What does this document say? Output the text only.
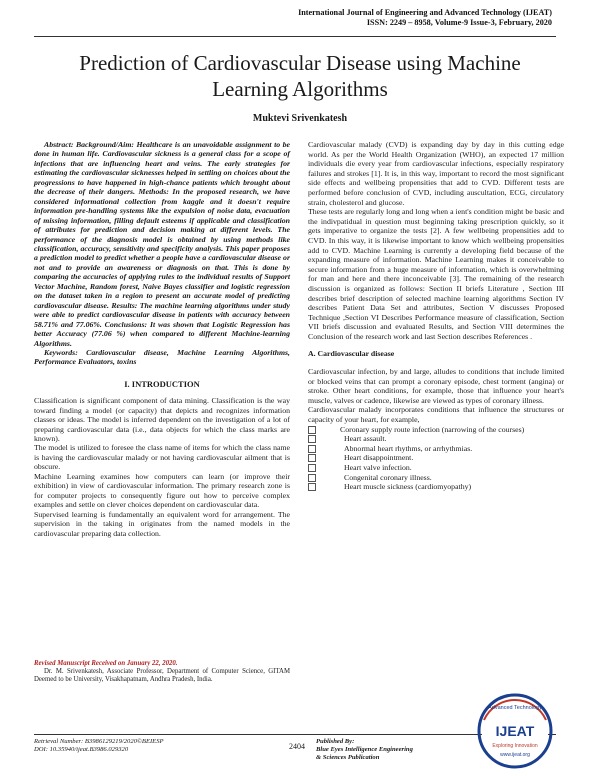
International Journal of Engineering and Advanced Technology (IJEAT)
ISSN: 2249 – 8958, Volume-9 Issue-3, February, 2020
Prediction of Cardiovascular Disease using Machine
Learning Algorithms
Muktevi Srivenkatesh

Abstract: Background/Aim: Healthcare is an unavoidable assignment to be done in human life. Cardiovascular sickness is a general class for a scope of infections that are influencing heart and veins. The early strategies for estimating the cardiovascular sicknesses helped in settling on choices about the progressions to have happened in high-chance patients which brought about the decrease of their dangers. Methods: In the proposed research, we have considered informational collection from kaggle and it doesn't require information pre-handling systems like the expulsion of noise data, evacuation of missing information, filling default esteems if applicable and classification of attributes for prediction and decision making at different levels. The performance of the diagnosis model is obtained by using methods like classification, accuracy, sensitivity and specificity analysis. This paper proposes a prediction model to predict whether a people have a cardiovascular disease or not and to provide an awareness or diagnosis on that. This is done by comparing the accuracies of applying rules to the individual results of Support Vector Machine, Random forest, Naive Bayes classifier and logistic regression on the dataset taken in a region to present an accurate model of predicting cardiovascular disease. Results: The machine learning algorithms under study were able to predict cardiovascular disease in patients with accuracy between 58.71% and 77.06%. Conclusions: It was shown that Logistic Regression has better Accuracy (77.06 %) when compared to different Machine-learning Algorithms.

Keywords: Cardiovascular disease, Machine Learning Algorithms, Performance Evaluators, toxins

I. INTRODUCTION

Classification is significant component of data mining. Classification is the way toward finding a model (or capacity) that depicts and recognizes information classes or ideas. The model is inferred dependent on the investigation of a lot of preparing cardiovascular data (i.e., data objects for which the class marks are known).

The model is utilized to foresee the class name of items for which the class name is having the cardiovascular malady or not having cardiovascular ailment that is obscure.

Machine Learning examines how computers can learn (or improve their exhibition) in view of cardiovascular information. The primary research zone is for computer projects to consequently figure out how to perceive complex examples and settle on clever choices dependent on cardiovascular data.

Supervised learning is fundamentally an equivalent word for arrangement. The supervision in the taking in originates from the named models in the cardiovascular preparing data collection.

Revised Manuscript Received on January 22, 2020.
Dr. M. Srivenkatesh, Associate Professor, Department of Computer Science, GITAM Deemed to be University, Visakhapatnam, Andhra Pradesh, India.

Cardiovascular malady (CVD) is expanding day by day in this cutting edge world. As per the World Health Organization (WHO), an expected 17 million individuals die every year from cardiovascular infections, especially respiratory failures and strokes [1]. It is, in this way, important to record the most significant side effects and wellbeing propensities that add to CVD. Different tests are performed before conclusion of CVD, including auscultation, ECG, circulatory strain, cholesterol and glucose.

These tests are regularly long and long when a ient's condition might be basic and the indivpatidual in question must beginning taking prescription quickly, so it gets imperative to organize the tests [2]. A few wellbeing propensities add to CVD. In this way, it is likewise important to know which wellbeing propensities add to CVD. Machine Learning is currently a developing field because of the expanding measure of information. Machine Learning makes it conceivable to secure information from a huge measure of information, which is overwhelming for man and here and there inconceivable [3]. The remaining of the research discussion is organized as follows: Section II briefs Literature , Section III describes brief description of selected machine learning algorithms Section IV describes Patient Data Set and attributes, Section V discusses Proposed Technique ,Section VI Describes Performance measure of classification, Section VII briefs discussion and evaluated Results, and Section VIII determines the Conclusion of the research work and last Section describes References .

A. Cardiovascular disease

Cardiovascular infection, by and large, alludes to conditions that include limited or blocked veins that can prompt a coronary episode, chest torment (angina) or stroke. Other heart conditions, for example, those that influence your heart's muscle, valves or cadence, likewise are viewed as types of coronary illness.

Cardiovascular malady incorporates conditions that influence the structures or capacity of your heart, for example,

Coronary supply route infection (narrowing of the courses)
Heart assault.
Abnormal heart rhythms, or arrhythmias.
Heart disappointment.
Heart valve infection.
Congenital coronary illness.
Heart muscle sickness (cardiomyopathy)
Retrieval Number: B3986129219/2020©BEIESP
DOI: 10.35940/ijeat.B3986.029320	2404
Published By:
Blue Eyes Intelligence Engineering
& Sciences Publication
Advanced Technology
IJEAT
Exploring Innovation
www.ijeat.org
